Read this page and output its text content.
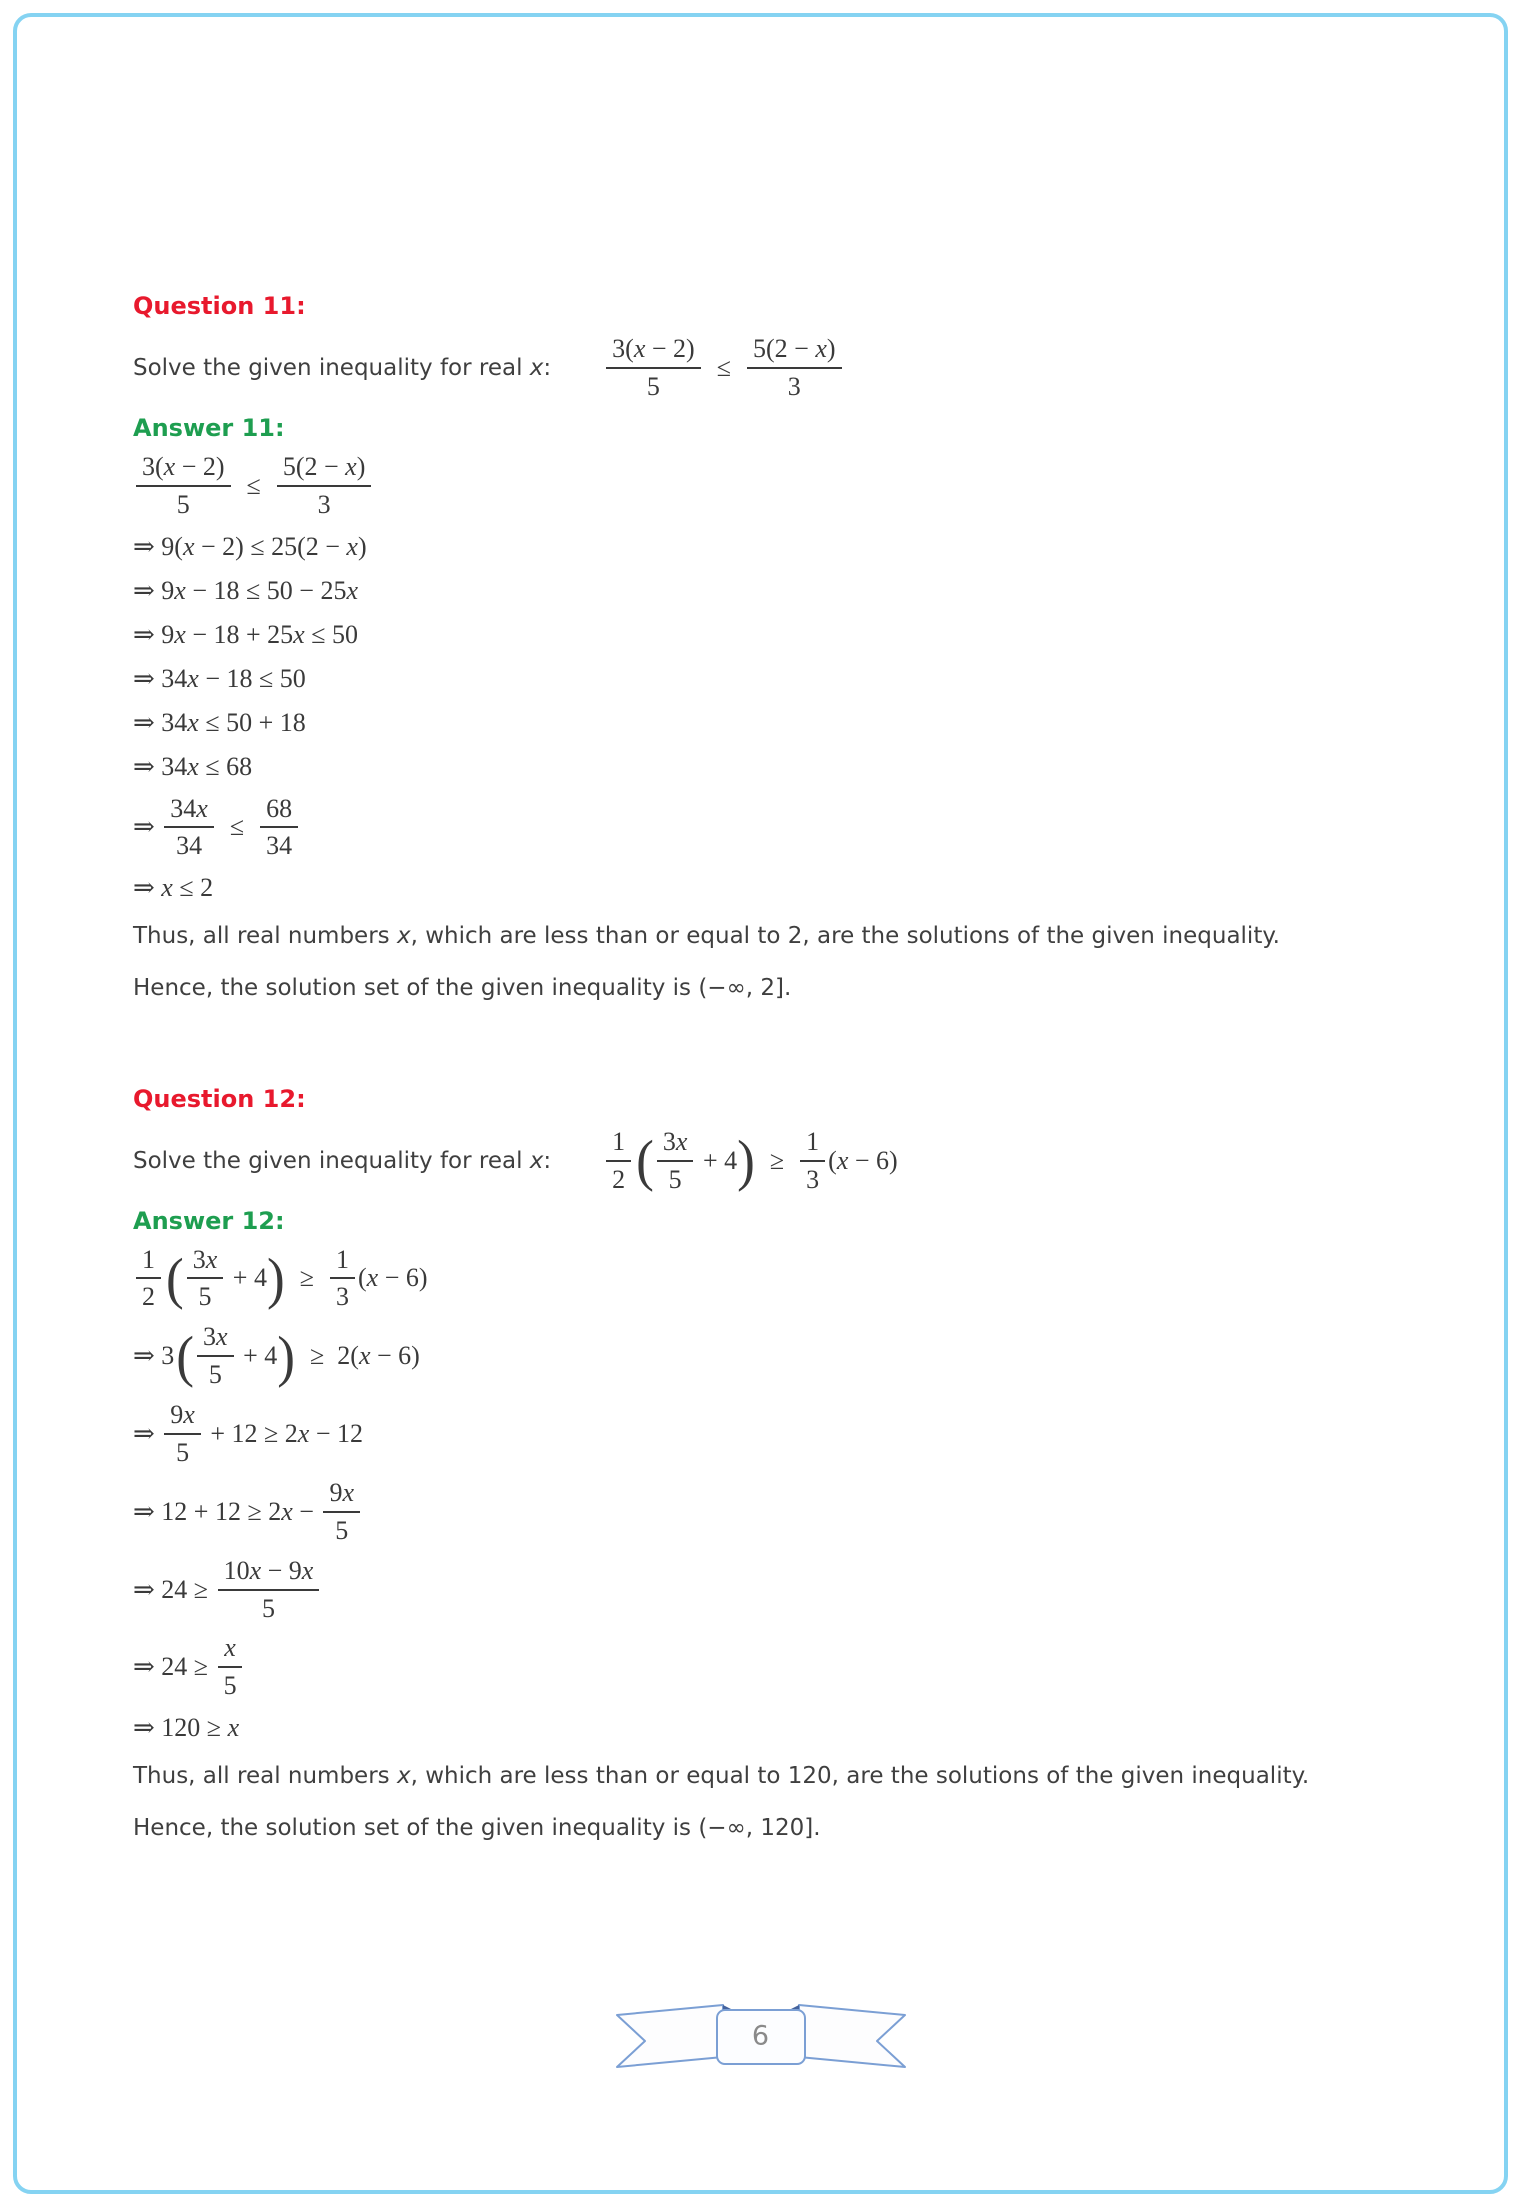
Question 11:
Solve the given inequality for real x: $\frac{3(x - 2)}{5} \le \frac{5(2 - x)}{3}$
Answer 11:
$\frac{3(x - 2)}{5} \le \frac{5(2 - x)}{3}$
⇒ 9(x − 2) ≤ 25(2 − x)
⇒ 9x − 18 ≤ 50 − 25x
⇒ 9x − 18 + 25x ≤ 50
⇒ 34x − 18 ≤ 50
⇒ 34x ≤ 50 + 18
⇒ 34x ≤ 68
⇒ $\frac{34x}{34} \le \frac{68}{34}$
⇒ x ≤ 2

Thus, all real numbers x, which are less than or equal to 2, are the solutions of the given inequality.

Hence, the solution set of the given inequality is (−∞, 2].

Question 12:
Solve the given inequality for real x: $\frac{1}{2}$ ( $\frac{3x}{5} + 4$ ) ≥ $\frac{1}{3} (x - 6)$
Answer 12:
$\frac{1}{2}$ ( $\frac{3x}{5} + 4$ ) ≥ $\frac{1}{3} (x - 6)$
⇒ 3 ( $\frac{3x}{5} + 4$ ) ≥  2(x − 6)
⇒ $\frac{9x}{5} + 12 \ge 2x - 12$
⇒ $12 + 12 \ge 2x - \frac{9x}{5}$
⇒ $24 \ge \frac{10x - 9x}{5}$
⇒ $24 \ge \frac{x}{5}$
⇒ 120 ≥ x

Thus, all real numbers x, which are less than or equal to 120, are the solutions of the given inequality.

Hence, the solution set of the given inequality is (−∞, 120].

6
